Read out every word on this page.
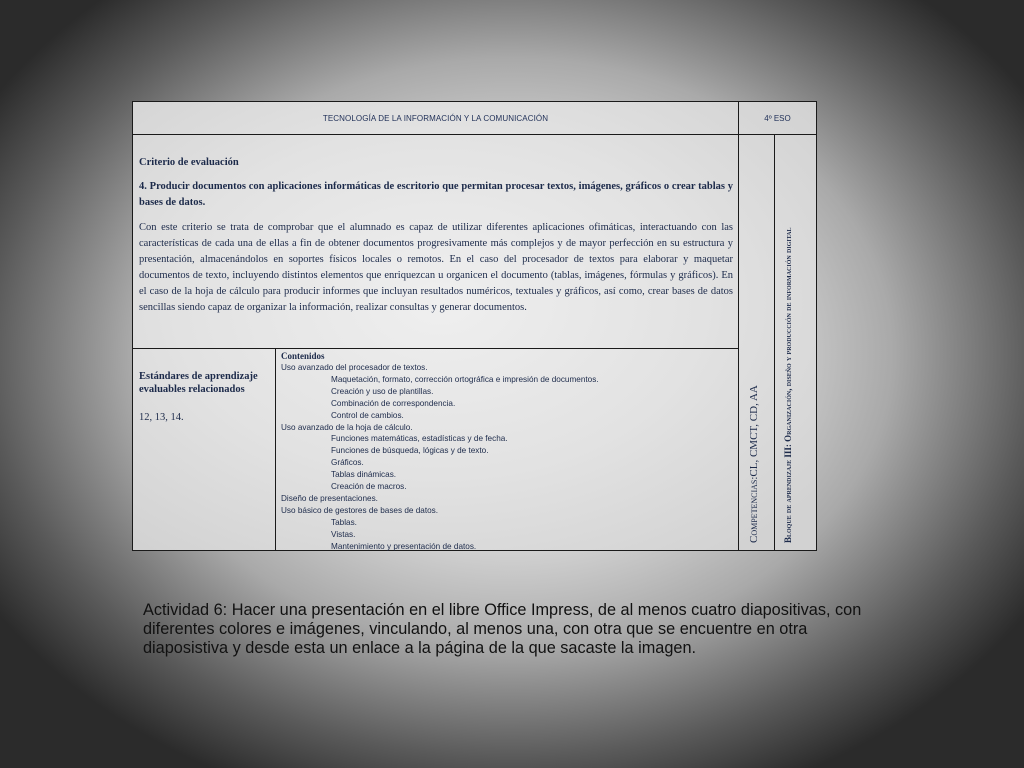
TECNOLOGÍA DE LA INFORMACIÓN Y LA COMUNICACIÓN	4º ESO

Criterio de evaluación

4. Producir documentos con aplicaciones informáticas de escritorio que permitan procesar textos, imágenes, gráficos o crear tablas y bases de datos.

Con este criterio se trata de comprobar que el alumnado es capaz de utilizar diferentes aplicaciones ofimáticas, interactuando con las características de cada una de ellas a fin de obtener documentos progresivamente más complejos y de mayor perfección en su estructura y presentación, almacenándolos en soportes físicos locales o remotos. En el caso del procesador de textos para elaborar y maquetar documentos de texto, incluyendo distintos elementos que enriquezcan u organicen el documento (tablas, imágenes, fórmulas y gráficos). En el caso de la hoja de cálculo para producir informes que incluyan resultados numéricos, textuales y gráficos, así como, crear bases de datos sencillas siendo capaz de organizar la información, realizar consultas y generar documentos.

Estándares de aprendizaje evaluables relacionados
12, 13, 14.
Contenidos
Uso avanzado del procesador de textos.
Maquetación, formato, corrección ortográfica e impresión de documentos.
Creación y uso de plantillas.
Combinación de correspondencia.
Control de cambios.
Uso avanzado de la hoja de cálculo.
Funciones matemáticas, estadísticas y de fecha.
Funciones de búsqueda, lógicas y de texto.
Gráficos.
Tablas dinámicas.
Creación de macros.
Diseño de presentaciones.
Uso básico de gestores de bases de datos.
Tablas.
Vistas.
Mantenimiento y presentación de datos.
Competencias:CL, CMCT, CD, AA	Bloque de aprendizaje III: Organización, diseño y producción de información digital
Actividad 6: Hacer una presentación en el libre Office Impress, de al menos cuatro diapositivas, con diferentes colores e imágenes, vinculando, al menos una, con otra que se encuentre en otra diaposistiva y desde esta un enlace a la página de la que sacaste la imagen.
